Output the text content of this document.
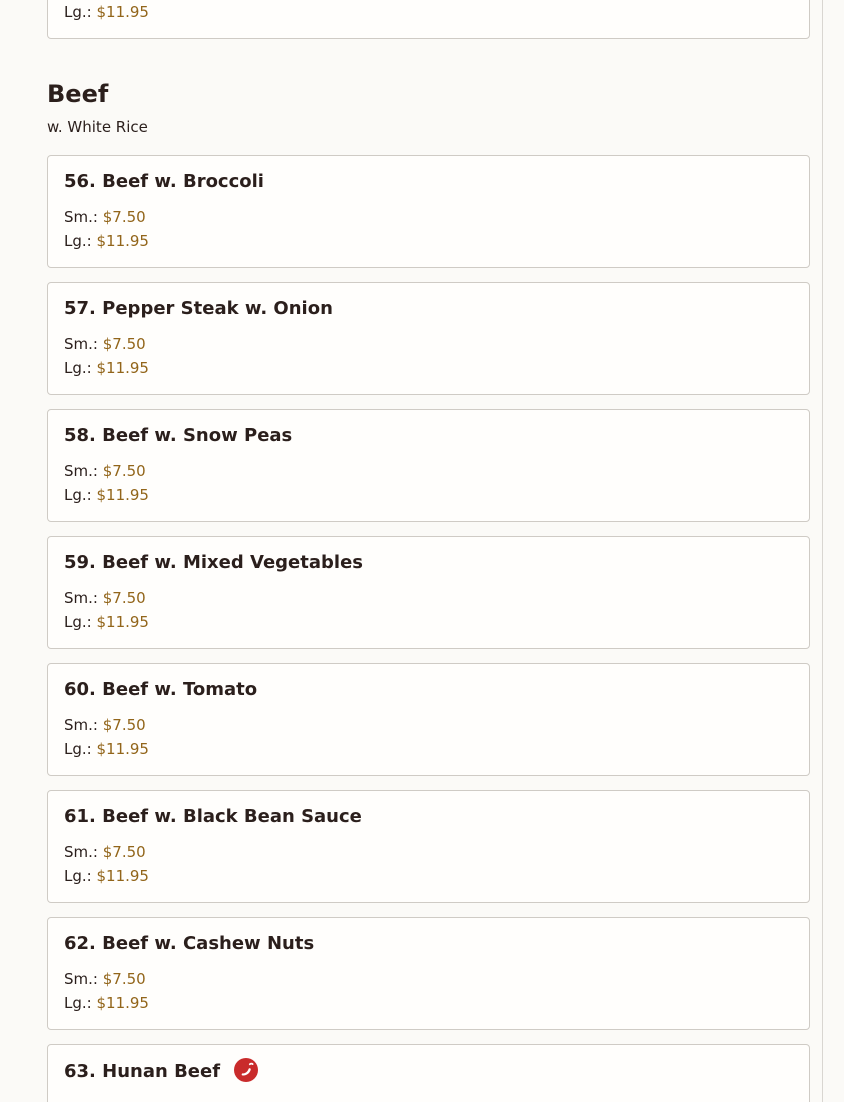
Lg.: $11.95
Beef

w. White Rice

56. Beef w. Broccoli
Sm.: $7.50
Lg.: $11.95
57. Pepper Steak w. Onion
Sm.: $7.50
Lg.: $11.95
58. Beef w. Snow Peas
Sm.: $7.50
Lg.: $11.95
59. Beef w. Mixed Vegetables
Sm.: $7.50
Lg.: $11.95
60. Beef w. Tomato
Sm.: $7.50
Lg.: $11.95
61. Beef w. Black Bean Sauce
Sm.: $7.50
Lg.: $11.95
62. Beef w. Cashew Nuts
Sm.: $7.50
Lg.: $11.95
63. Hunan Beef
